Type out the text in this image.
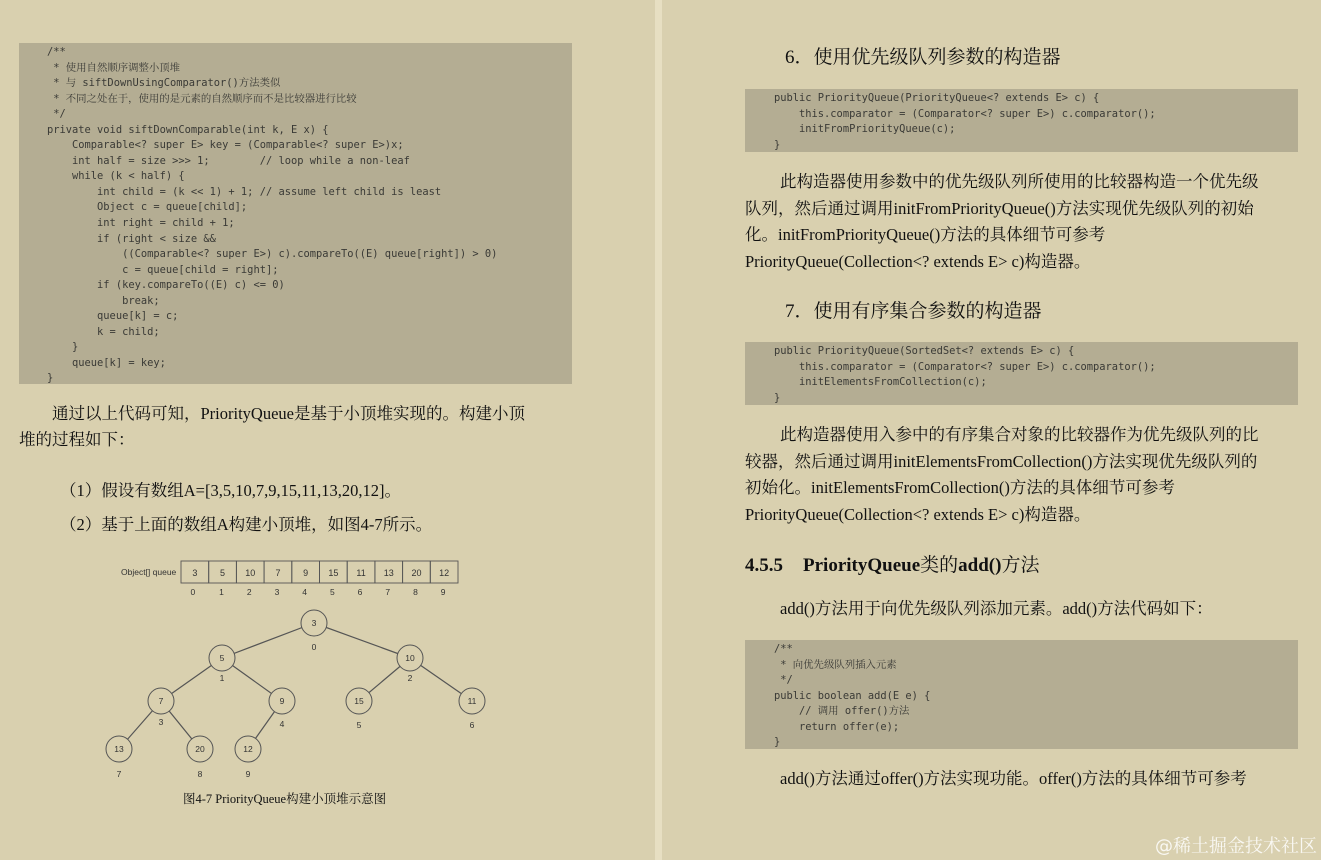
/**
* 使用自然顺序调整小顶堆
* 与 siftDownUsingComparator()方法类似
* 不同之处在于，使用的是元素的自然顺序而不是比较器进行比较
*/
private void siftDownComparable(int k, E x) {
Comparable<? super E> key = (Comparable<? super E>)x;
int half = size >>> 1;        // loop while a non-leaf
while (k < half) {
int child = (k << 1) + 1; // assume left child is least
Object c = queue[child];
int right = child + 1;
if (right < size &&
((Comparable<? super E>) c).compareTo((E) queue[right]) > 0)
c = queue[child = right];
if (key.compareTo((E) c) <= 0)
break;
queue[k] = c;
k = child;
}
queue[k] = key;
}

通过以上代码可知，PriorityQueue是基于小顶堆实现的。构建小顶

堆的过程如下：

（1）假设有数组A=[3,5,10,7,9,15,11,13,20,12]。

（2）基于上面的数组A构建小顶堆，如图4-7所示。

Object[] queue 3
0
5
1
10
2
7
3
9
4
15
5
11
6
13
7
20
8
12
9
3
0
5
1
10
2
7
3
9
4
15
5
11
6
13
7
20
8
12
9

图4-7 PriorityQueue构建小顶堆示意图

6．使用优先级队列参数的构造器

public PriorityQueue(PriorityQueue<? extends E> c) {
this.comparator = (Comparator<? super E>) c.comparator();
initFromPriorityQueue(c);
}

此构造器使用参数中的优先级队列所使用的比较器构造一个优先级

队列，然后通过调用initFromPriorityQueue()方法实现优先级队列的初始

化。initFromPriorityQueue()方法的具体细节可参考

PriorityQueue(Collection<? extends E> c)构造器。

7．使用有序集合参数的构造器

public PriorityQueue(SortedSet<? extends E> c) {
this.comparator = (Comparator<? super E>) c.comparator();
initElementsFromCollection(c);
}

此构造器使用入参中的有序集合对象的比较器作为优先级队列的比

较器，然后通过调用initElementsFromCollection()方法实现优先级队列的

初始化。initElementsFromCollection()方法的具体细节可参考

PriorityQueue(Collection<? extends E> c)构造器。

4.5.5 PriorityQueue类的add()方法

add()方法用于向优先级队列添加元素。add()方法代码如下：

/**
* 向优先级队列插入元素
*/
public boolean add(E e) {
// 调用 offer()方法
return offer(e);
}

add()方法通过offer()方法实现功能。offer()方法的具体细节可参考

@稀土掘金技术社区
